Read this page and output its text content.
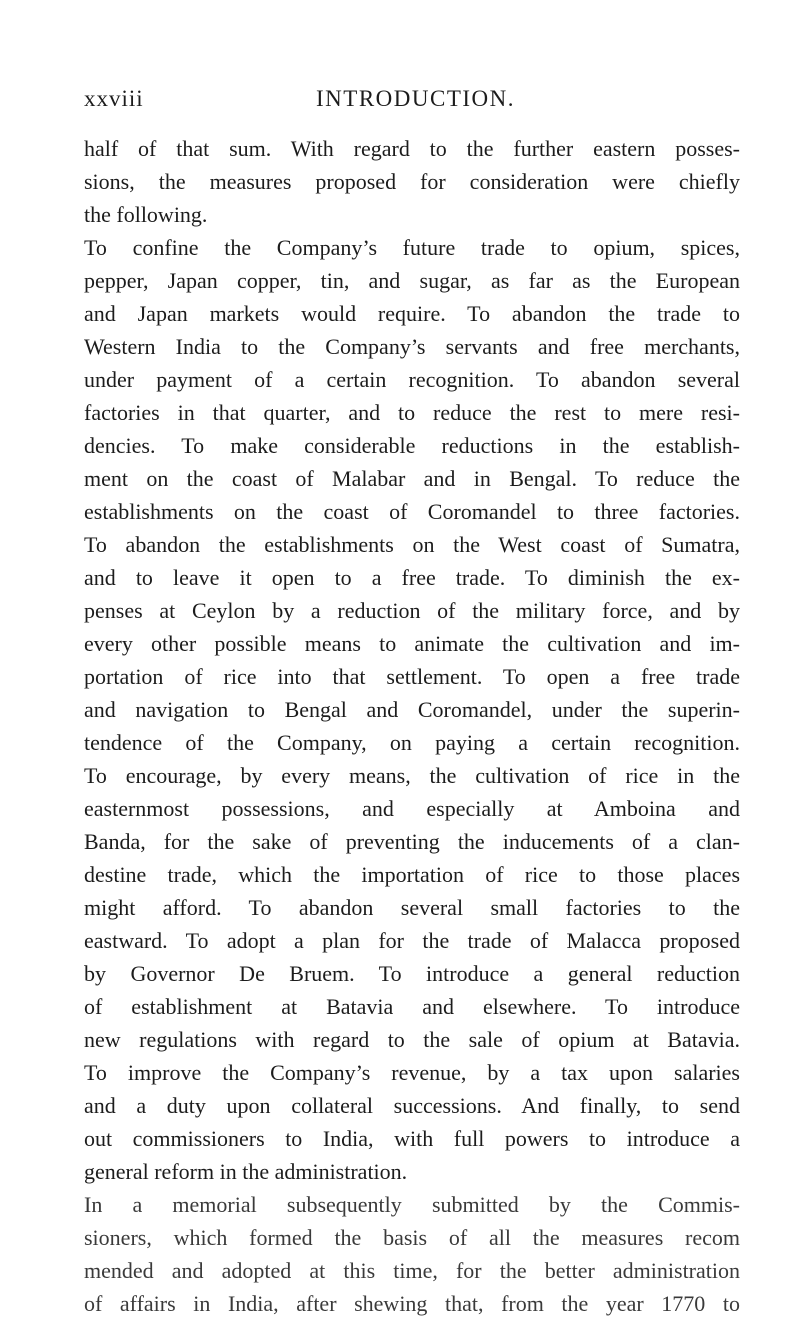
xxviii	INTRODUCTION.
half of that sum. With regard to the further eastern posses-
sions, the measures proposed for consideration were chiefly
the following.
To confine the Company’s future trade to opium, spices,
pepper, Japan copper, tin, and sugar, as far as the European
and Japan markets would require. To abandon the trade to
Western India to the Company’s servants and free merchants,
under payment of a certain recognition. To abandon several
factories in that quarter, and to reduce the rest to mere resi-
dencies. To make considerable reductions in the establish-
ment on the coast of Malabar and in Bengal. To reduce the
establishments on the coast of Coromandel to three factories.
To abandon the establishments on the West coast of Sumatra,
and to leave it open to a free trade. To diminish the ex-
penses at Ceylon by a reduction of the military force, and by
every other possible means to animate the cultivation and im-
portation of rice into that settlement. To open a free trade
and navigation to Bengal and Coromandel, under the superin-
tendence of the Company, on paying a certain recognition.
To encourage, by every means, the cultivation of rice in the
easternmost possessions, and especially at Amboina and
Banda, for the sake of preventing the inducements of a clan-
destine trade, which the importation of rice to those places
might afford. To abandon several small factories to the
eastward. To adopt a plan for the trade of Malacca proposed
by Governor De Bruem. To introduce a general reduction
of establishment at Batavia and elsewhere. To introduce
new regulations with regard to the sale of opium at Batavia.
To improve the Company’s revenue, by a tax upon salaries
and a duty upon collateral successions. And finally, to send
out commissioners to India, with full powers to introduce a
general reform in the administration.
In a memorial subsequently submitted by the Commis-
sioners, which formed the basis of all the measures recom
mended and adopted at this time, for the better administration
of affairs in India, after shewing that, from the year 1770 to
